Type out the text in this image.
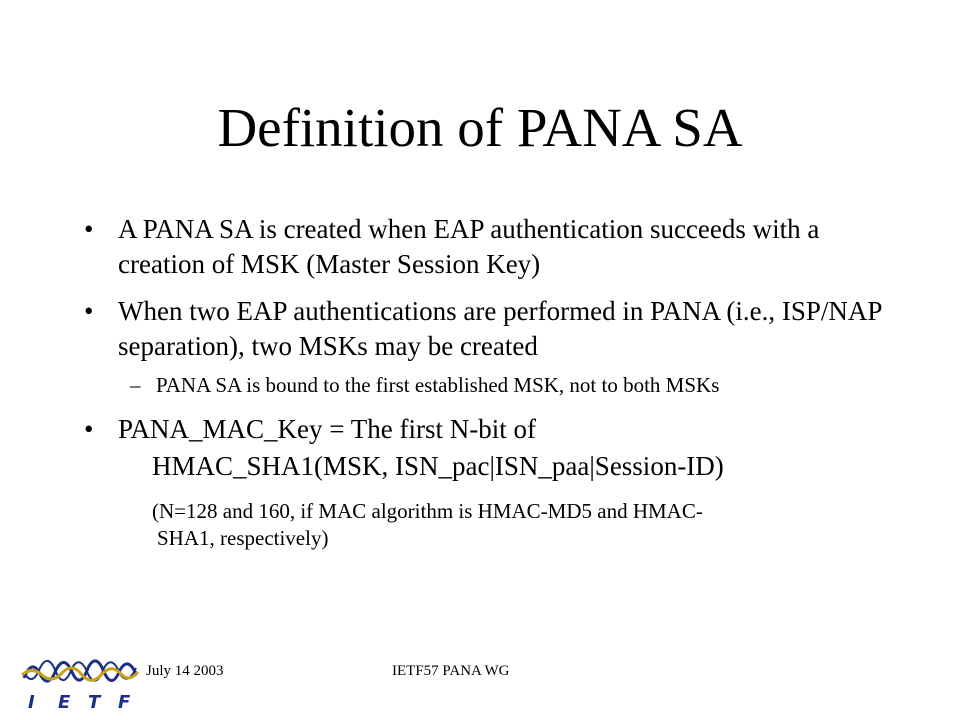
Definition of PANA SA
• A PANA SA is created when EAP authentication succeeds with a creation of MSK (Master Session Key)
• When two EAP authentications are performed in PANA (i.e., ISP/NAP separation), two MSKs may be created
– PANA SA is bound to the first established MSK, not to both MSKs
• PANA_MAC_Key = The first N-bit of
HMAC_SHA1(MSK, ISN_pac|ISN_paa|Session-ID)
(N=128 and 160, if MAC algorithm is HMAC-MD5 and HMAC-
SHA1, respectively)
I E T F
July 14 2003	IETF57 PANA WG
